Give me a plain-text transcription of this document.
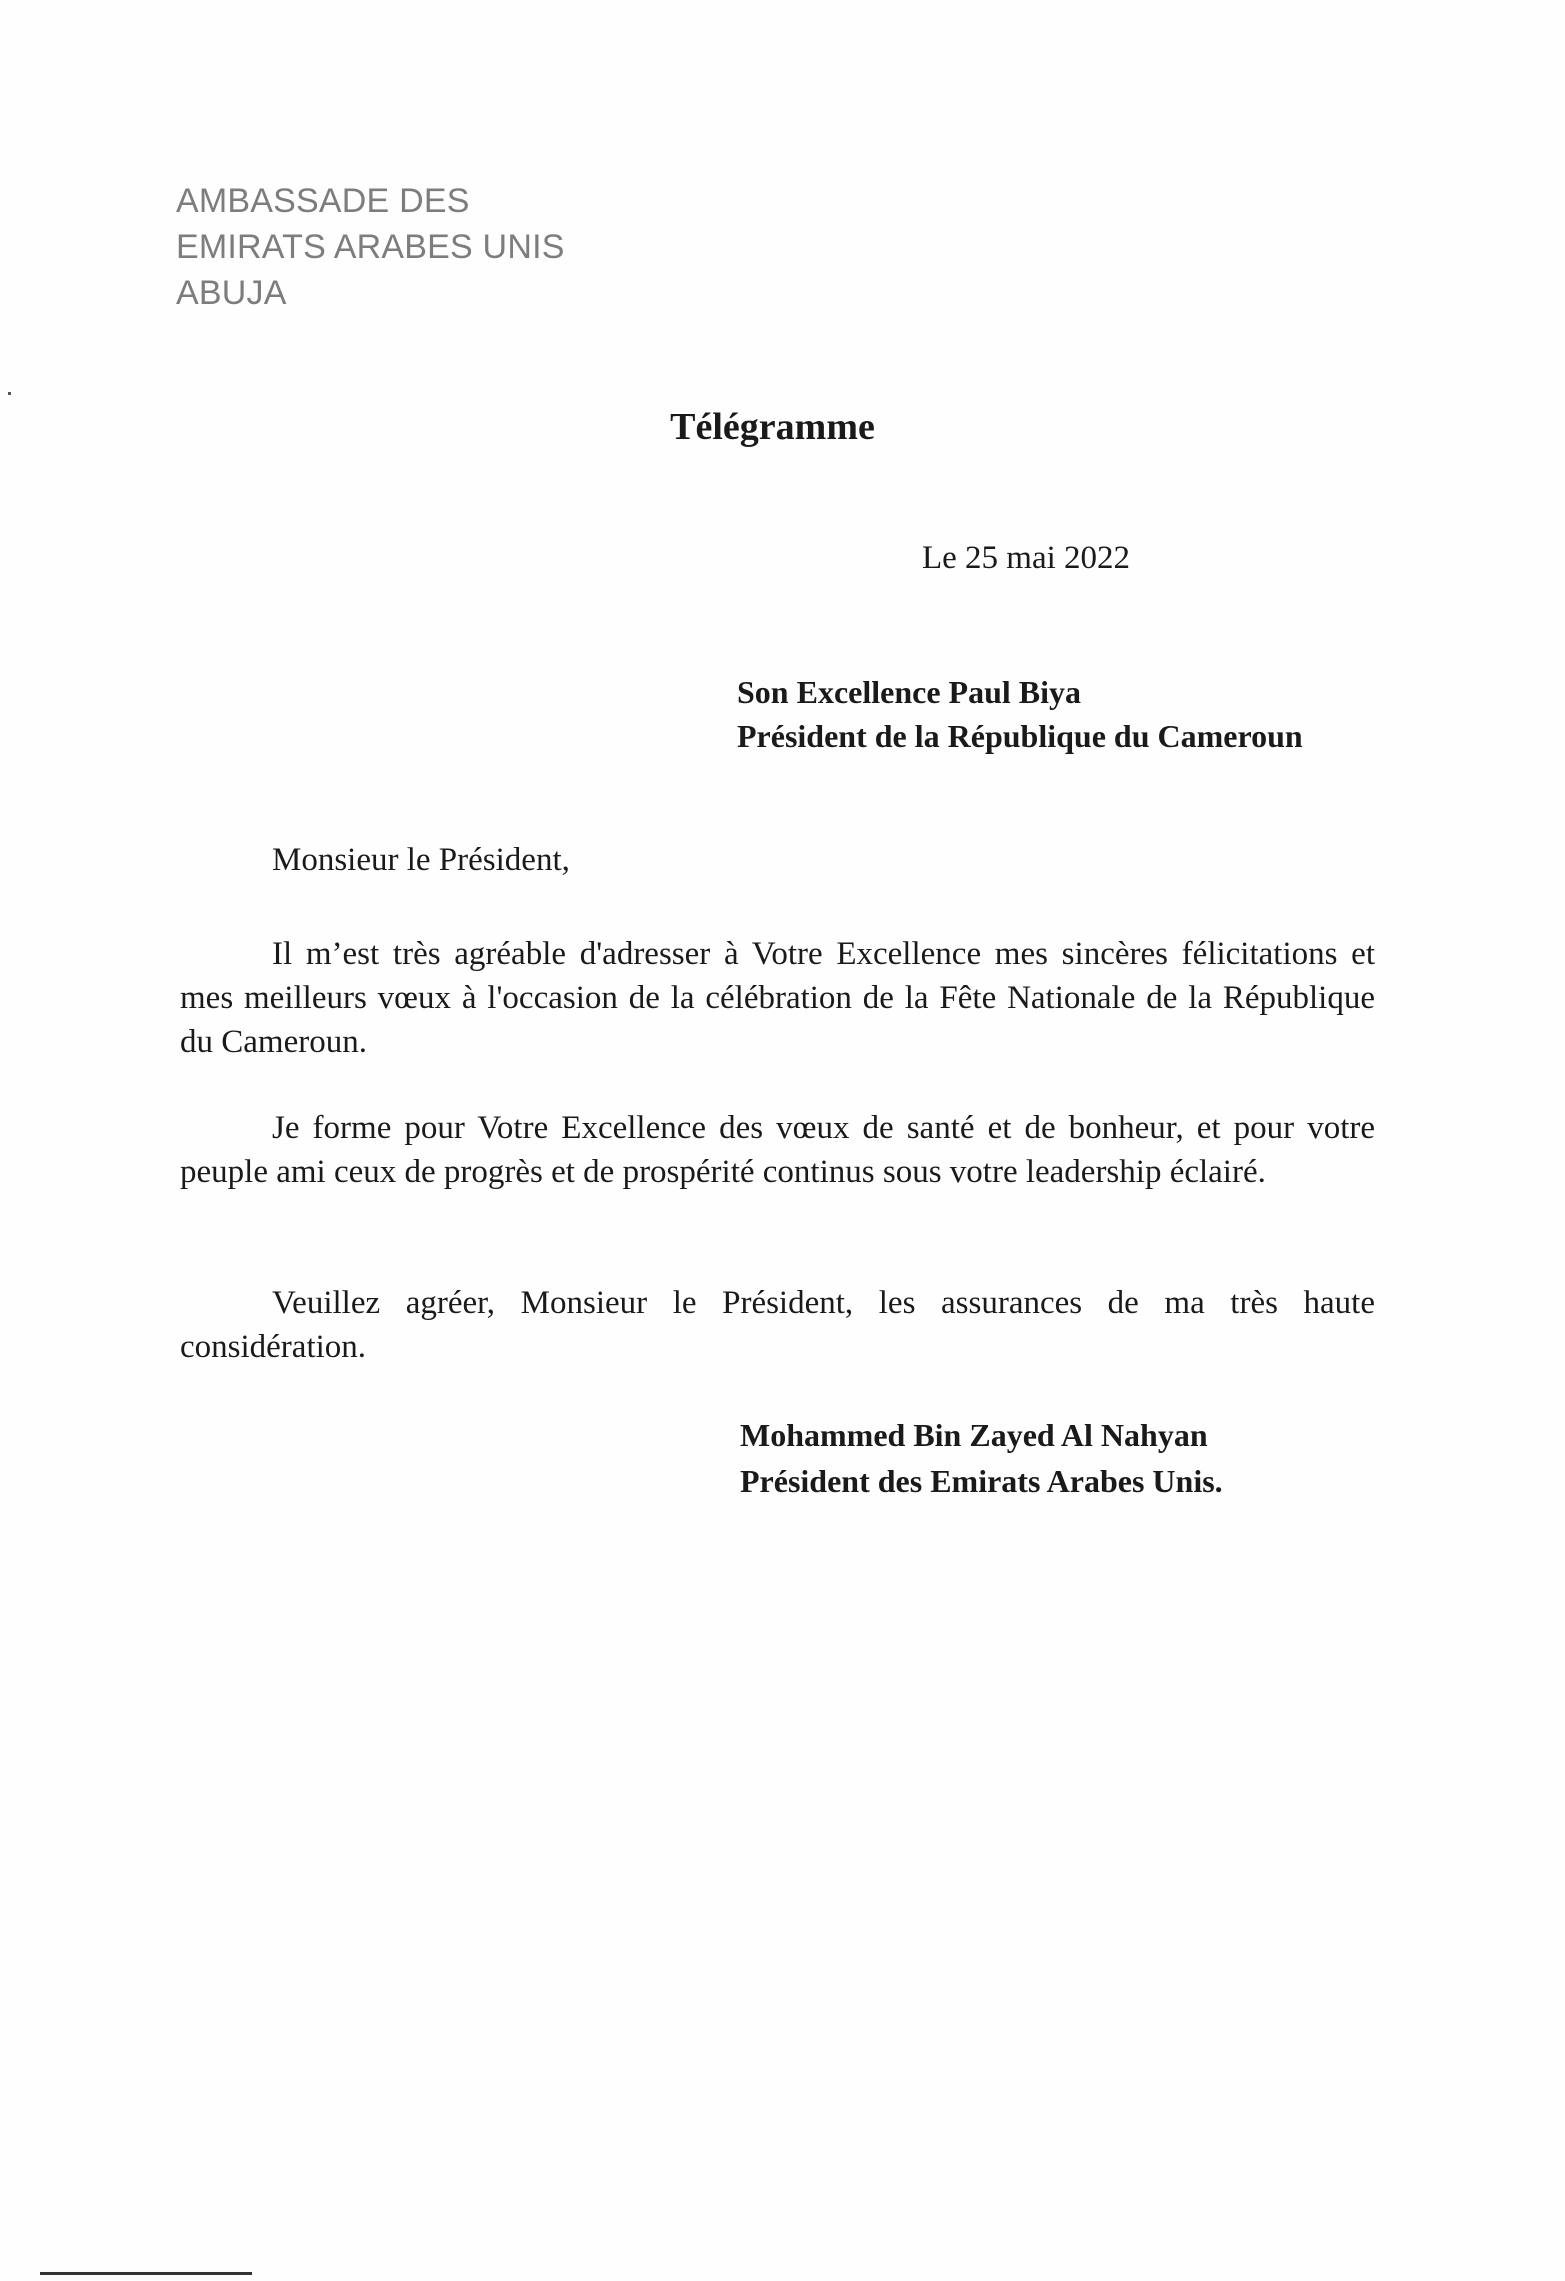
AMBASSADE DES
EMIRATS ARABES UNIS
ABUJA
Télégramme
Le 25 mai 2022
Son Excellence Paul Biya
Président de la République du Cameroun
Monsieur le Président,

Il m’est très agréable d'adresser à Votre Excellence mes sincères félicitations et mes meilleurs vœux à l'occasion de la célébration de la Fête Nationale de la République du Cameroun.

Je forme pour Votre Excellence des vœux de santé et de bonheur, et pour votre peuple ami ceux de progrès et de prospérité continus sous votre leadership éclairé.

Veuillez agréer, Monsieur le Président, les assurances de ma très haute considération.

Mohammed Bin Zayed Al Nahyan
Président des Emirats Arabes Unis.
